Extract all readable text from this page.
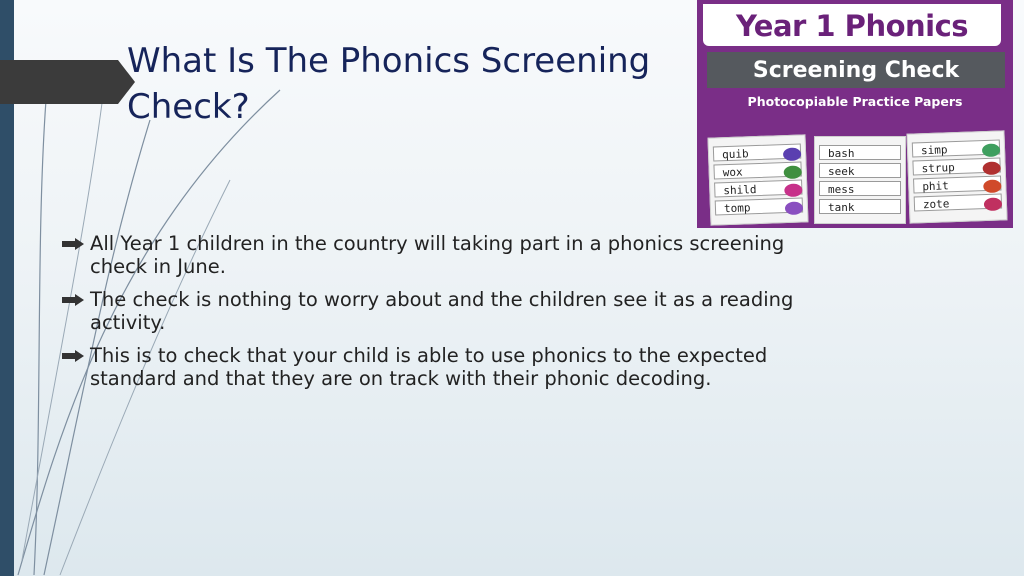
What Is The Phonics Screening Check?
All Year 1 children in the country will taking part in a phonics screening check in June.
The check is nothing to worry about and the children see it as a reading activity.
This is to check that your child is able to use phonics to the expected standard and that they are on track with their phonic decoding.
Year 1 Phonics
Screening Check
Photocopiable Practice Papers
quib
wox
shild
tomp
bash
seek
mess
tank
simp
strup
phit
zote
